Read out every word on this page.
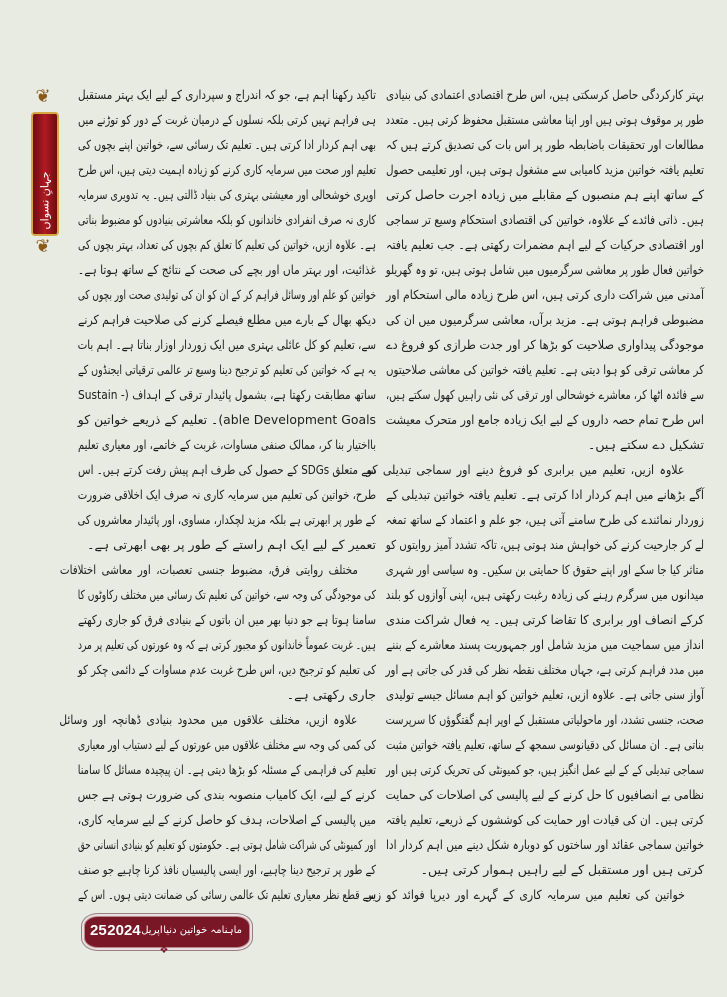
❦
جہانِ نسواں
❦
بہتر کارکردگی حاصل کرسکتی ہیں، اس طرح اقتصادی اعتمادی کی بنیادی
طور پر موقوف ہوتی ہیں اور اپنا معاشی مستقبل محفوظ کرتی ہیں۔ متعدد
مطالعات اور تحقیقات باضابطہ طور پر اس بات کی تصدیق کرتے ہیں کہ
تعلیم یافتہ خواتین مزید کامیابی سے مشغول ہوتی ہیں، اور تعلیمی حصول
کے ساتھ اپنے ہم منصبوں کے مقابلے میں زیادہ اجرت حاصل کرتی
ہیں۔ ذاتی فائدے کے علاوہ، خواتین کی اقتصادی استحکام وسیع تر سماجی
اور اقتصادی حرکیات کے لیے اہم مضمرات رکھتی ہے۔ جب تعلیم یافتہ
خواتین فعال طور پر معاشی سرگرمیوں میں شامل ہوتی ہیں، تو وہ گھریلو
آمدنی میں شراکت داری کرتی ہیں، اس طرح زیادہ مالی استحکام اور
مضبوطی فراہم ہوتی ہے۔ مزید برآں، معاشی سرگرمیوں میں ان کی
موجودگی پیداواری صلاحیت کو بڑھا کر اور جدت طرازی کو فروغ دے
کر معاشی ترقی کو ہوا دیتی ہے۔ تعلیم یافتہ خواتین کی معاشی صلاحیتوں
سے فائدہ اٹھا کر، معاشرے خوشحالی اور ترقی کی نئی راہیں کھول سکتے ہیں،
اس طرح تمام حصہ داروں کے لیے ایک زیادہ جامع اور متحرک معیشت
تشکیل دے سکتے ہیں۔
علاوہ ازیں، تعلیم میں برابری کو فروغ دینے اور سماجی تبدیلی کو
آگے بڑھانے میں اہم کردار ادا کرتی ہے۔ تعلیم یافتہ خواتین تبدیلی کے
زوردار نمائندے کی طرح سامنے آتی ہیں، جو علم و اعتماد کے ساتھ تمغہ
لے کر جارحیت کرنے کی خواہش مند ہوتی ہیں، تاکہ تشدد آمیز روایتوں کو
متاثر کیا جا سکے اور اپنے حقوق کا حمایتی بن سکیں۔ وہ سیاسی اور شہری
میدانوں میں سرگرم رہنے کی زیادہ رغبت رکھتی ہیں، اپنی آوازوں کو بلند
کرکے انصاف اور برابری کا تقاضا کرتی ہیں۔ یہ فعال شراکت مندی
انداز میں سماجیت میں مزید شامل اور جمہوریت پسند معاشرے کے بننے
میں مدد فراہم کرتی ہے، جہاں مختلف نقطہ نظر کی قدر کی جاتی ہے اور
آواز سنی جاتی ہے۔ علاوہ ازیں، تعلیم خواتین کو اہم مسائل جیسے تولیدی
صحت، جنسی تشدد، اور ماحولیاتی مستقبل کے اوپر اہم گفتگوؤں کا سرپرست
بناتی ہے۔ ان مسائل کی دقیانوسی سمجھ کے ساتھ، تعلیم یافتہ خواتین مثبت
سماجی تبدیلی کے کے لیے عمل انگیز ہیں، جو کمیونٹی کی تحریک کرتی ہیں اور
نظامی بے انصافیوں کا حل کرنے کے لیے پالیسی کی اصلاحات کی حمایت
کرتی ہیں۔ ان کی قیادت اور حمایت کی کوششوں کے ذریعے، تعلیم یافتہ
خواتین سماجی عقائد اور ساختوں کو دوبارہ شکل دینے میں اہم کردار ادا
کرتی ہیں اور مستقبل کے لیے راہیں ہموار کرتی ہیں۔
خواتین کی تعلیم میں سرمایہ کاری کے گہرے اور دیرپا فوائد کو زیر
تاکید رکھنا اہم ہے، جو کہ اندراج و سپرداری کے لیے ایک بہتر مستقبل
ہی فراہم نہیں کرتی بلکہ نسلوں کے درمیان غربت کے دور کو توڑنے میں
بھی اہم کردار ادا کرتی ہیں۔ تعلیم تک رسائی سے، خواتین اپنے بچوں کی
تعلیم اور صحت میں سرمایہ کاری کرنے کو زیادہ اہمیت دیتی ہیں، اس طرح
اوپری خوشحالی اور معیشتی بہتری کی بنیاد ڈالتی ہیں۔ یہ تدویری سرمایہ
کاری نہ صرف انفرادی خاندانوں کو بلکہ معاشرتی بنیادوں کو مضبوط بناتی
ہے۔ علاوہ ازیں، خواتین کی تعلیم کا تعلق کم بچوں کی تعداد، بہتر بچوں کی
غذائیت، اور بہتر ماں اور بچے کی صحت کے نتائج کے ساتھ ہوتا ہے۔
خواتین کو علم اور وسائل فراہم کر کے ان کو ان کی تولیدی صحت اور بچوں کی
دیکھ بھال کے بارے میں مطلع فیصلے کرنے کی صلاحیت فراہم کرنے
سے، تعلیم کو کل عائلی بہتری میں ایک زوردار اوزار بناتا ہے۔ اہم بات
یہ ہے کہ خواتین کی تعلیم کو ترجیح دینا وسیع تر عالمی ترقیاتی ایجنڈوں کے
ساتھ مطابقت رکھتا ہے، بشمول پائیدار ترقی کے اہداف (- Sustain
able Development Goals)۔ تعلیم کے ذریعے خواتین کو
بااختیار بنا کر، ممالک صنفی مساوات، غربت کے خاتمے، اور معیاری تعلیم
سے متعلق SDGs کے حصول کی طرف اہم پیش رفت کرتے ہیں۔ اس
طرح، خواتین کی تعلیم میں سرمایہ کاری نہ صرف ایک اخلاقی ضرورت
کے طور پر ابھرتی ہے بلکہ مزید لچکدار، مساوی، اور پائیدار معاشروں کی
تعمیر کے لیے ایک اہم راستے کے طور پر بھی ابھرتی ہے۔
مختلف روایتی فرق، مضبوط جنسی تعصبات، اور معاشی اختلافات
کی موجودگی کی وجہ سے، خواتین کی تعلیم تک رسائی میں مختلف رکاوٹوں کا
سامنا ہوتا ہے جو دنیا بھر میں ان باتوں کے بنیادی فرق کو جاری رکھتے
ہیں۔ غربت عموماً خاندانوں کو مجبور کرتی ہے کہ وہ عورتوں کی تعلیم پر مرد
کی تعلیم کو ترجیح دیں، اس طرح غربت عدم مساوات کے دائمی چکر کو
جاری رکھتی ہے۔
علاوہ ازیں، مختلف علاقوں میں محدود بنیادی ڈھانچہ اور وسائل
کی کمی کی وجہ سے مختلف علاقوں میں عورتوں کے لیے دستیاب اور معیاری
تعلیم کی فراہمی کے مسئلہ کو بڑھا دیتی ہے۔ ان پیچیدہ مسائل کا سامنا
کرنے کے لیے، ایک کامیاب منصوبہ بندی کی ضرورت ہوتی ہے جس
میں پالیسی کے اصلاحات، ہدف کو حاصل کرنے کے لیے سرمایہ کاری،
اور کمیونٹی کی شراکت شامل ہوتی ہے۔ حکومتوں کو تعلیم کو بنیادی انسانی حق
کے طور پر ترجیح دینا چاہیے، اور ایسی پالیسیاں نافذ کرنا چاہیے جو صنف
سے قطع نظر معیاری تعلیم تک عالمی رسائی کی ضمانت دیتی ہوں۔ اس کے
25 2024 اپریل ماہنامہ خواتین دنیا
❖
